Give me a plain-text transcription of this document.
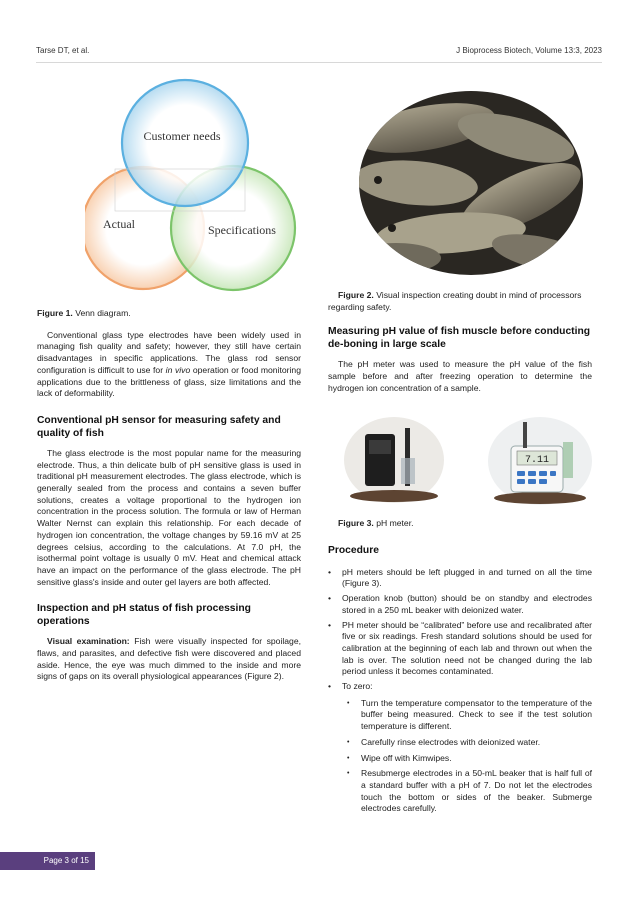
Tarse DT, et al.	J Bioprocess Biotech, Volume 13:3, 2023
Customer needs
Actual	Specifications
Figure 1. Venn diagram.

Conventional glass type electrodes have been widely used in managing fish quality and safety; however, they still have certain disadvantages in specific applications. The glass rod sensor configuration is difficult to use for in vivo operation or food monitoring applications due to the brittleness of glass, size limitations and the lack of deformability.

Conventional pH sensor for measuring safety and quality of fish

The glass electrode is the most popular name for the measuring electrode. Thus, a thin delicate bulb of pH sensitive glass is used in traditional pH measurement electrodes. The glass electrode, which is generally sealed from the process and contains a seven buffer solutions, creates a voltage proportional to the hydrogen ion concentration in the process solution. The formula or law of Herman Walter Nernst can explain this relationship. For each decade of hydrogen ion concentration, the voltage changes by 59.16 mV at 25 degrees celsius, according to the calculations. At 7.0 pH, the isothermal point voltage is usually 0 mV. Heat and chemical attack have an impact on the performance of the glass electrode. The pH sensitive glass's inside and outer gel layers are both affected.

Inspection and pH status of fish processing operations

Visual examination: Fish were visually inspected for spoilage, flaws, and parasites, and defective fish were discovered and placed aside. Hence, the eye was much dimmed to the inside and more signs of gaps on its overall physiological appearances (Figure 2).

Figure 2. Visual inspection creating doubt in mind of processors regarding safety.

Measuring pH value of fish muscle before conducting de-boning in large scale

The pH meter was used to measure the pH value of the fish sample before and after freezing operation to determine the hydrogen ion concentration of a sample.

7.11

Figure 3. pH meter.

Procedure
• pH meters should be left plugged in and turned on all the time (Figure 3).
• Operation knob (button) should be on standby and electrodes stored in a 250 mL beaker with deionized water.
• PH meter should be “calibrated” before use and recalibrated after five or six readings. Fresh standard solutions should be used for calibration at the beginning of each lab and thrown out when the lab is over. The solution need not be changed during the lab period unless it becomes contaminated.
• To zero:
• Turn the temperature compensator to the temperature of the buffer being measured. Check to see if the test solution temperature is different.
• Carefully rinse electrodes with deionized water.
• Wipe off with Kimwipes.
• Resubmerge electrodes in a 50-mL beaker that is half full of a standard buffer with a pH of 7. Do not let the electrodes touch the bottom or sides of the beaker. Submerge electrodes carefully.
Page 3 of 15
